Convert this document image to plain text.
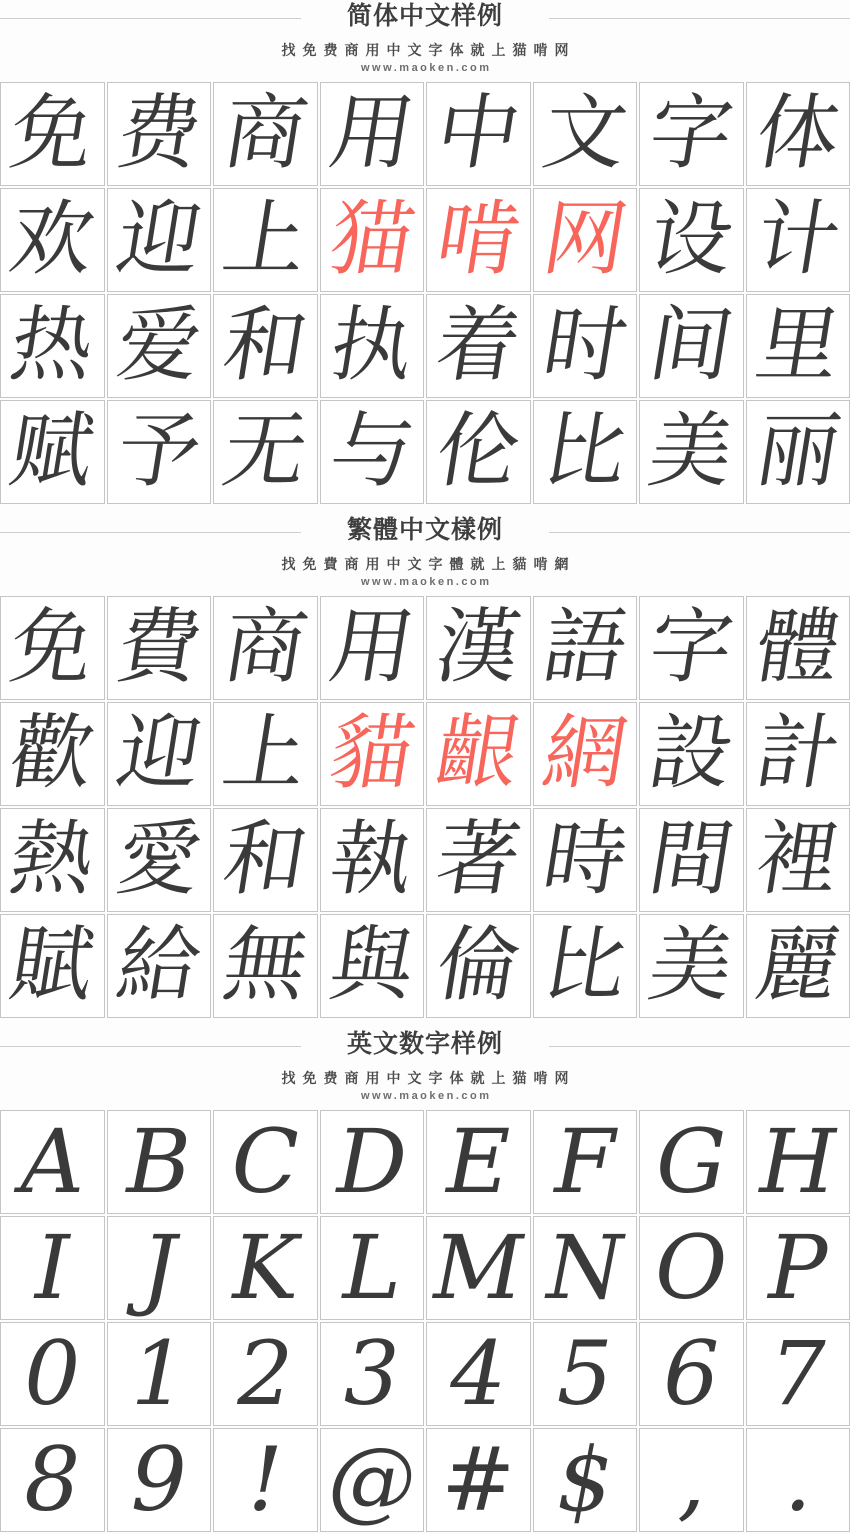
简体中文样例
找免费商用中文字体就上猫啃网
www.maoken.com
免 费 商 用 中 文 字 体
欢 迎 上 猫 啃 网 设 计
热 爱 和 执 着 时 间 里
赋 予 无 与 伦 比 美 丽
繁體中文樣例
找免費商用中文字體就上貓啃網
www.maoken.com
免 費 商 用 漢 語 字 體
歡 迎 上 貓 齦 網 設 計
熱 愛 和 執 著 時 間 裡
賦 給 無 與 倫 比 美 麗
英文数字样例
找免费商用中文字体就上猫啃网
www.maoken.com
A B C D E F G H
I J K L M N O P
0 1 2 3 4 5 6 7
8 9 ! @ # $ , .
